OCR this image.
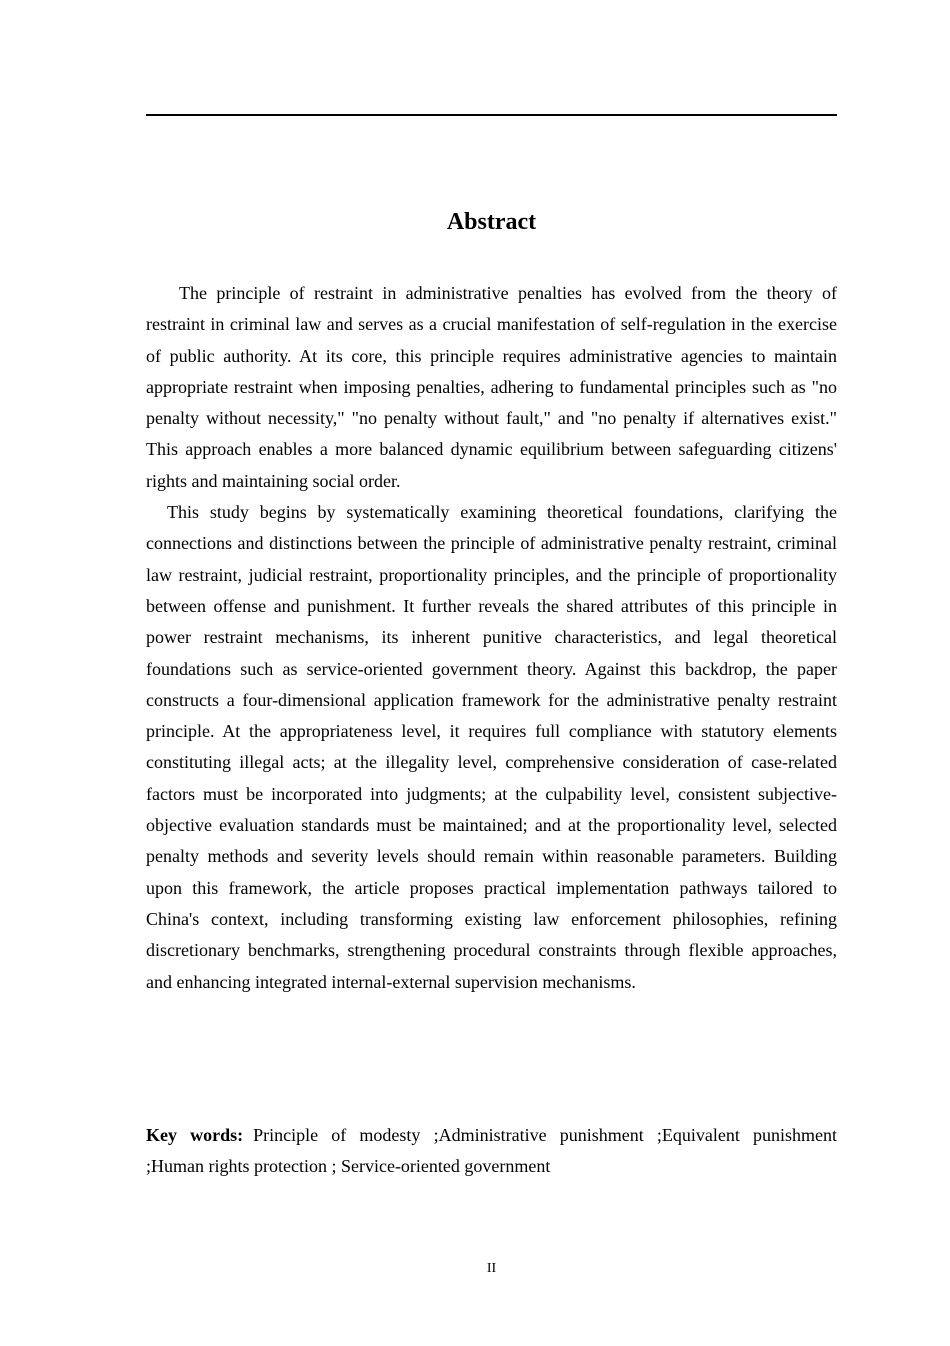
Abstract

The principle of restraint in administrative penalties has evolved from the theory of restraint in criminal law and serves as a crucial manifestation of self-regulation in the exercise of public authority. At its core, this principle requires administrative agencies to maintain appropriate restraint when imposing penalties, adhering to fundamental principles such as "no penalty without necessity," "no penalty without fault," and "no penalty if alternatives exist." This approach enables a more balanced dynamic equilibrium between safeguarding citizens' rights and maintaining social order.

This study begins by systematically examining theoretical foundations, clarifying the connections and distinctions between the principle of administrative penalty restraint, criminal law restraint, judicial restraint, proportionality principles, and the principle of proportionality between offense and punishment. It further reveals the shared attributes of this principle in power restraint mechanisms, its inherent punitive characteristics, and legal theoretical foundations such as service-oriented government theory. Against this backdrop, the paper constructs a four-dimensional application framework for the administrative penalty restraint principle. At the appropriateness level, it requires full compliance with statutory elements constituting illegal acts; at the illegality level, comprehensive consideration of case-related factors must be incorporated into judgments; at the culpability level, consistent subjective-objective evaluation standards must be maintained; and at the proportionality level, selected penalty methods and severity levels should remain within reasonable parameters. Building upon this framework, the article proposes practical implementation pathways tailored to China's context, including transforming existing law enforcement philosophies, refining discretionary benchmarks, strengthening procedural constraints through flexible approaches, and enhancing integrated internal-external supervision mechanisms.

Key words: Principle of modesty ;Administrative punishment ;Equivalent punishment ;Human rights protection ; Service-oriented government

II
